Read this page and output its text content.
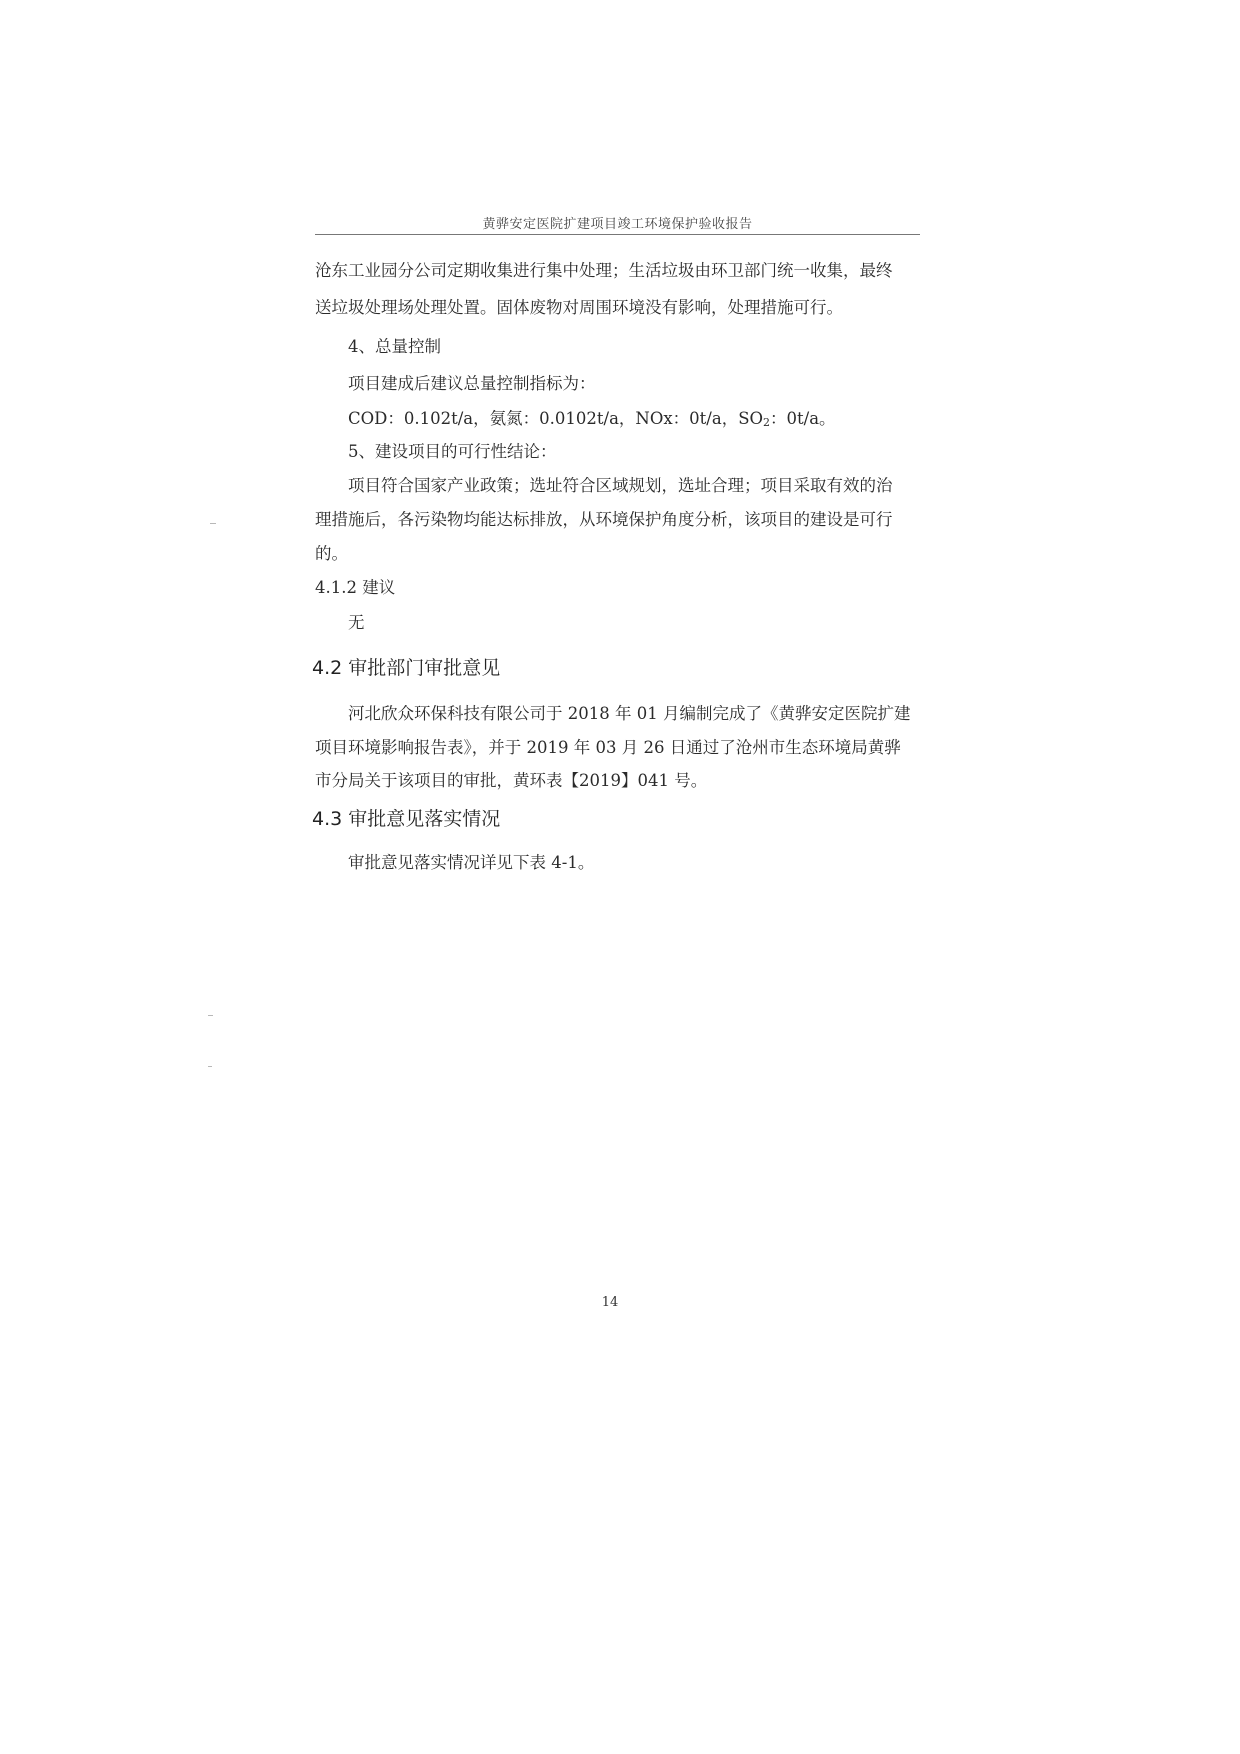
黄骅安定医院扩建项目竣工环境保护验收报告
沧东工业园分公司定期收集进行集中处理；生活垃圾由环卫部门统一收集，最终
送垃圾处理场处理处置。固体废物对周围环境没有影响，处理措施可行。
4、总量控制
项目建成后建议总量控制指标为：
COD：0.102t/a，氨氮：0.0102t/a，NOx：0t/a，$SO_2$：0t/a。
5、建设项目的可行性结论：
项目符合国家产业政策；选址符合区域规划，选址合理；项目采取有效的治
理措施后，各污染物均能达标排放，从环境保护角度分析，该项目的建设是可行
的。
4.1.2 建议
无
4.2 审批部门审批意见
河北欣众环保科技有限公司于 2018 年 01 月编制完成了《黄骅安定医院扩建
项目环境影响报告表》，并于 2019 年 03 月 26 日通过了沧州市生态环境局黄骅
市分局关于该项目的审批，黄环表【2019】041 号。
4.3 审批意见落实情况
审批意见落实情况详见下表 4-1。
14
